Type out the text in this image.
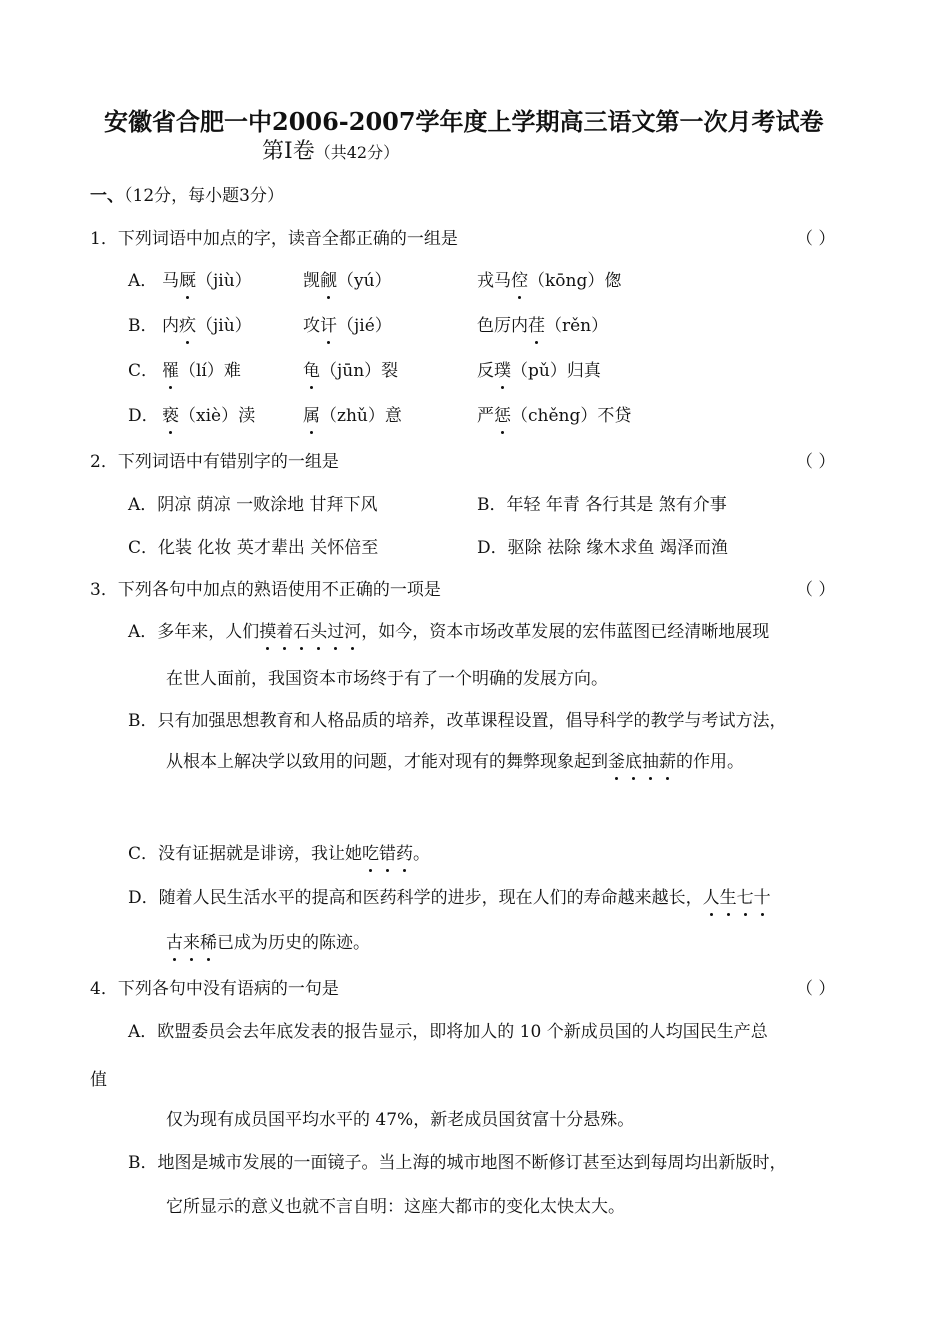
安徽省合肥一中2006-2007学年度上学期高三语文第一次月考试卷
第Ⅰ卷（共42分）
一、（12分，每小题3分）
1．下列词语中加点的字，读音全都正确的一组是	（ ）
A． 马厩（jiù）	觊觎（yú）	戎马倥（kōng）偬
B． 内疚（jiù）	攻讦（jié）	色厉内荏（rěn）
C． 罹（lí）难	龟（jūn）裂	反璞（pǔ）归真
D． 亵（xiè）渎	属（zhǔ）意	严惩（chěng）不贷
2．下列词语中有错别字的一组是	（ ）
A．阴凉 荫凉 一败涂地 甘拜下风	B．年轻 年青 各行其是 煞有介事
C．化装 化妆 英才辈出 关怀倍至	D．驱除 祛除 缘木求鱼 竭泽而渔
3．下列各句中加点的熟语使用不正确的一项是	（ ）
A．多年来，人们摸着石头过河，如今，资本市场改革发展的宏伟蓝图已经清晰地展现
在世人面前，我国资本市场终于有了一个明确的发展方向。
B．只有加强思想教育和人格品质的培养，改革课程设置，倡导科学的教学与考试方法，
从根本上解决学以致用的问题，才能对现有的舞弊现象起到釜底抽薪的作用。
C．没有证据就是诽谤，我让她吃错药。
D．随着人民生活水平的提高和医药科学的进步，现在人们的寿命越来越长，人生七十
古来稀已成为历史的陈迹。
4．下列各句中没有语病的一句是	（ ）
A．欧盟委员会去年底发表的报告显示，即将加人的 10 个新成员国的人均国民生产总
值
仅为现有成员国平均水平的 47%，新老成员国贫富十分悬殊。
B．地图是城市发展的一面镜子。当上海的城市地图不断修订甚至达到每周均出新版时，
它所显示的意义也就不言自明：这座大都市的变化太快太大。
